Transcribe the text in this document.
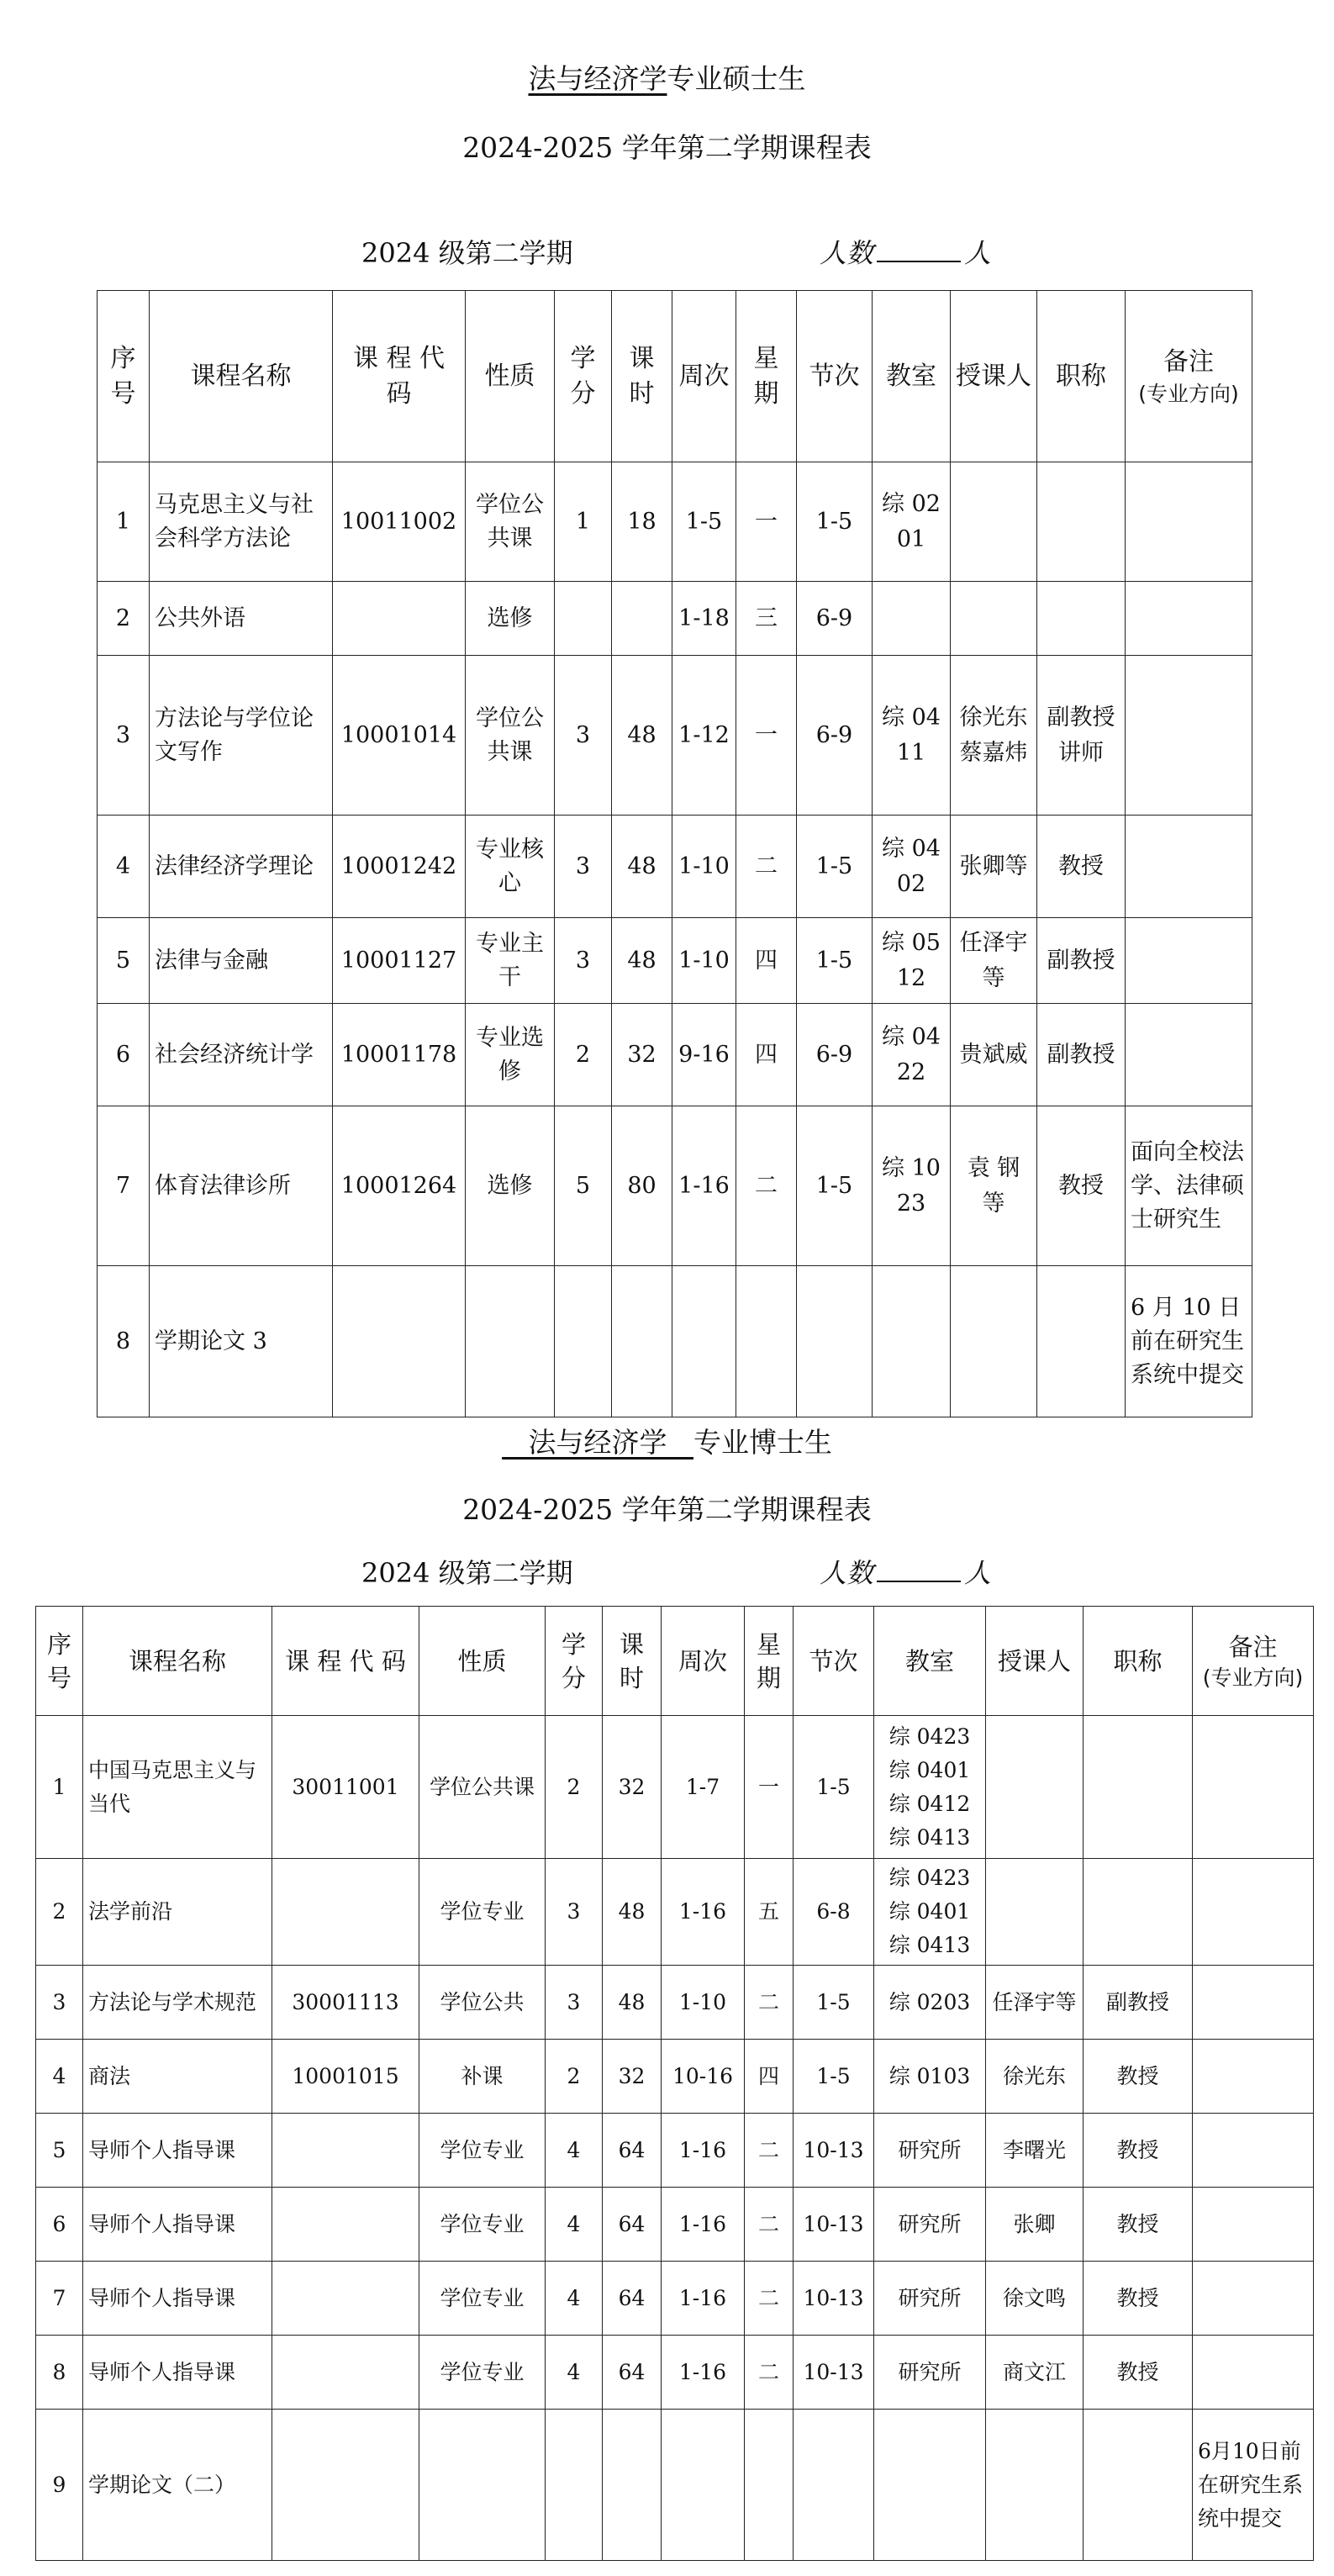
法与经济学专业硕士生
2024-2025 学年第二学期课程表
2024 级第二学期	人数	人
序号	课程名称	课 程 代 码	性质	学分	课时	周次	星期	节次	教室	授课人	职称	备注
(专业方向)

1	马克思主义与社会科学方法论	10011002	学位公共课	1	18	1-5	一	1-5	综 0201			
2	公共外语		选修			1-18	三	6-9				
3	方法论与学位论文写作	10001014	学位公共课	3	48	1-12	一	6-9	综 0411	徐光东 蔡嘉炜	副教授 讲师	
4	法律经济学理论	10001242	专业核心	3	48	1-10	二	1-5	综 0402	张卿等	教授	
5	法律与金融	10001127	专业主干	3	48	1-10	四	1-5	综 0512	任泽宇等	副教授	
6	社会经济统计学	10001178	专业选修	2	32	9-16	四	6-9	综 0422	贵斌威	副教授	
7	体育法律诊所	10001264	选修	5	80	1-16	二	1-5	综 1023	袁 钢 等	教授	面向全校法学、法律硕士研究生
8	学期论文 3											6 月 10 日前在研究生系统中提交
法与经济学 专业博士生
2024-2025 学年第二学期课程表
2024 级第二学期	人数	人
序号	课程名称	课 程 代 码	性质	学分	课时	周次	星期	节次	教室	授课人	职称	备注
(专业方向)

1	中国马克思主义与当代	30011001	学位公共课	2	32	1-7	一	1-5	综 0423 综 0401 综 0412 综 0413			
2	法学前沿		学位专业	3	48	1-16	五	6-8	综 0423 综 0401 综 0413			
3	方法论与学术规范	30001113	学位公共	3	48	1-10	二	1-5	综 0203	任泽宇等	副教授	
4	商法	10001015	补课	2	32	10-16	四	1-5	综 0103	徐光东	教授	
5	导师个人指导课		学位专业	4	64	1-16	二	10-13	研究所	李曙光	教授	
6	导师个人指导课		学位专业	4	64	1-16	二	10-13	研究所	张卿	教授	
7	导师个人指导课		学位专业	4	64	1-16	二	10-13	研究所	徐文鸣	教授	
8	导师个人指导课		学位专业	4	64	1-16	二	10-13	研究所	商文江	教授	
9	学期论文（二）											6月10日前在研究生系统中提交
